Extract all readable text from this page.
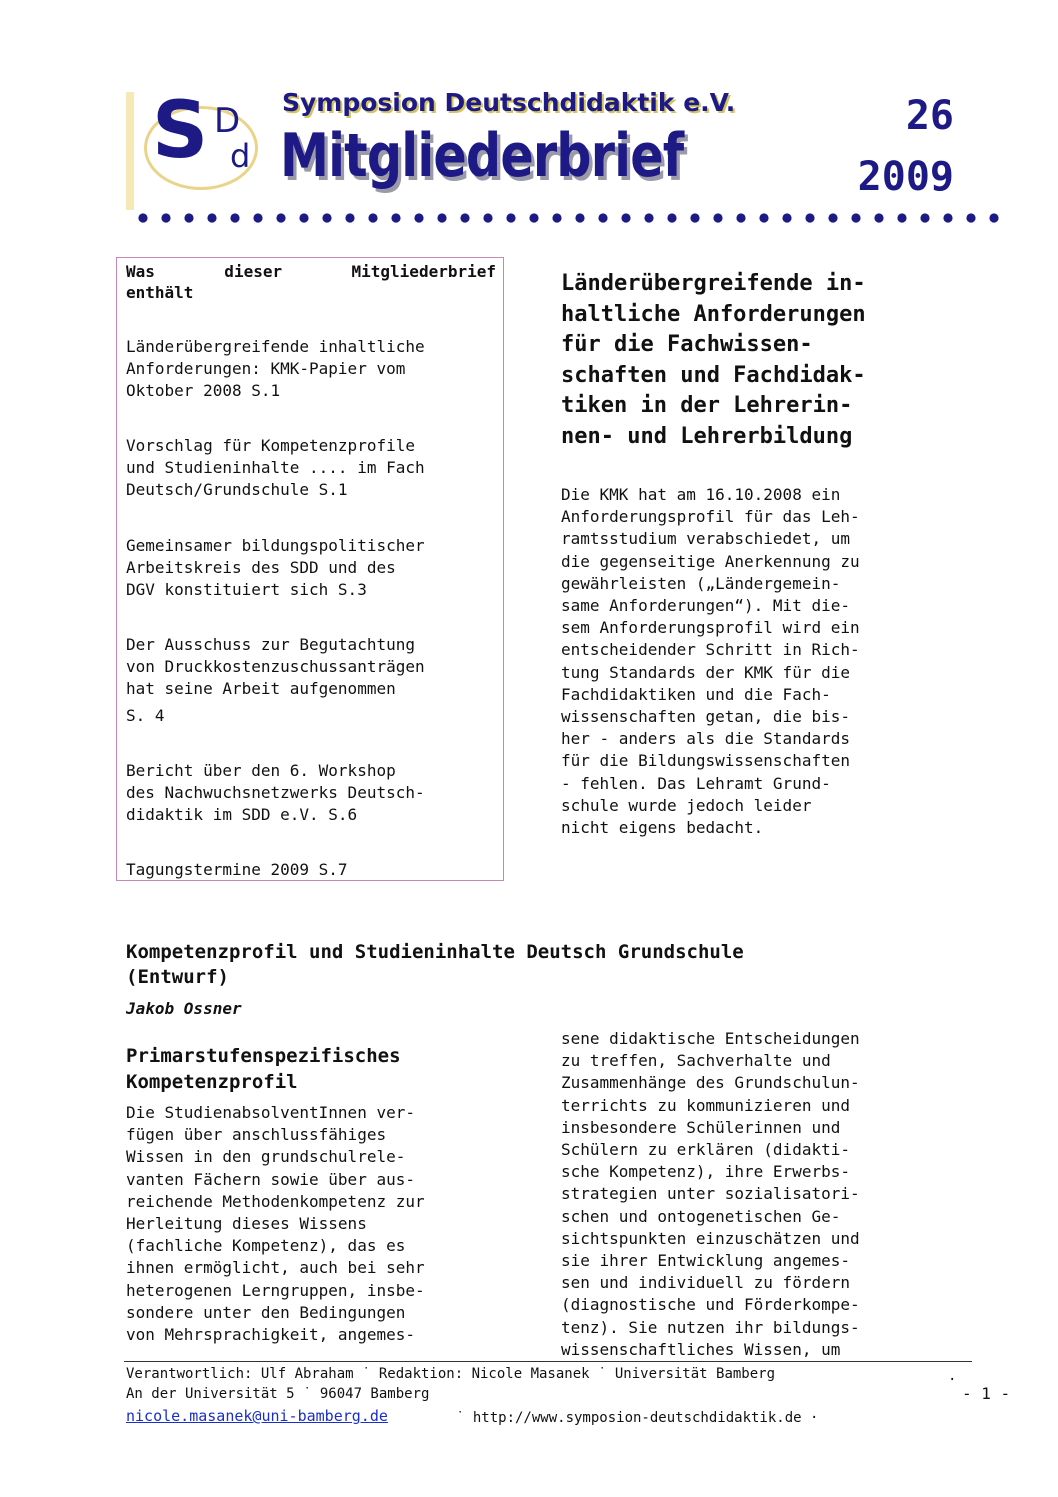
S D
d
Symposion Deutschdidaktik e.V.
Mitgliederbrief
26
2009
Was dieser Mitgliederbrief
enthält
Länderübergreifende inhaltliche
Anforderungen: KMK-Papier vom
Oktober 2008 S.1
Vorschlag für Kompetenzprofile
und Studieninhalte .... im Fach
Deutsch/Grundschule S.1
Gemeinsamer bildungspolitischer
Arbeitskreis des SDD und des
DGV konstituiert sich S.3
Der Ausschuss zur Begutachtung
von Druckkostenzuschussanträgen
hat seine Arbeit aufgenommen
S. 4
Bericht über den 6. Workshop
des Nachwuchsnetzwerks Deutsch-
didaktik im SDD e.V. S.6
Tagungstermine 2009 S.7
Länderübergreifende in-
haltliche Anforderungen
für die Fachwissen-
schaften und Fachdidak-
tiken in der Lehrerin-
nen- und Lehrerbildung
Die KMK hat am 16.10.2008 ein
Anforderungsprofil für das Leh-
ramtsstudium verabschiedet, um
die gegenseitige Anerkennung zu
gewährleisten („Ländergemein-
same Anforderungen“). Mit die-
sem Anforderungsprofil wird ein
entscheidender Schritt in Rich-
tung Standards der KMK für die
Fachdidaktiken und die Fach-
wissenschaften getan, die bis-
her - anders als die Standards
für die Bildungswissenschaften
- fehlen. Das Lehramt Grund-
schule wurde jedoch leider
nicht eigens bedacht.
Kompetenzprofil und Studieninhalte Deutsch Grundschule
(Entwurf)
Jakob Ossner
Primarstufenspezifisches
Kompetenzprofil
Die StudienabsolventInnen ver-
fügen über anschlussfähiges
Wissen in den grundschulrele-
vanten Fächern sowie über aus-
reichende Methodenkompetenz zur
Herleitung dieses Wissens
(fachliche Kompetenz), das es
ihnen ermöglicht, auch bei sehr
heterogenen Lerngruppen, insbe-
sondere unter den Bedingungen
von Mehrsprachigkeit, angemes-
sene didaktische Entscheidungen
zu treffen, Sachverhalte und
Zusammenhänge des Grundschulun-
terrichts zu kommunizieren und
insbesondere Schülerinnen und
Schülern zu erklären (didakti-
sche Kompetenz), ihre Erwerbs-
strategien unter sozialisatori-
schen und ontogenetischen Ge-
sichtspunkten einzuschätzen und
sie ihrer Entwicklung angemes-
sen und individuell zu fördern
(diagnostische und Förderkompe-
tenz). Sie nutzen ihr bildungs-
wissenschaftliches Wissen, um
Verantwortlich: Ulf Abraham ˙ Redaktion: Nicole Masanek ˙ Universität Bamberg	.
An der Universität 5 ˙ 96047 Bamberg
nicole.masanek@uni-bamberg.de	˙ http://www.symposion-deutschdidaktik.de ·
- 1 -
